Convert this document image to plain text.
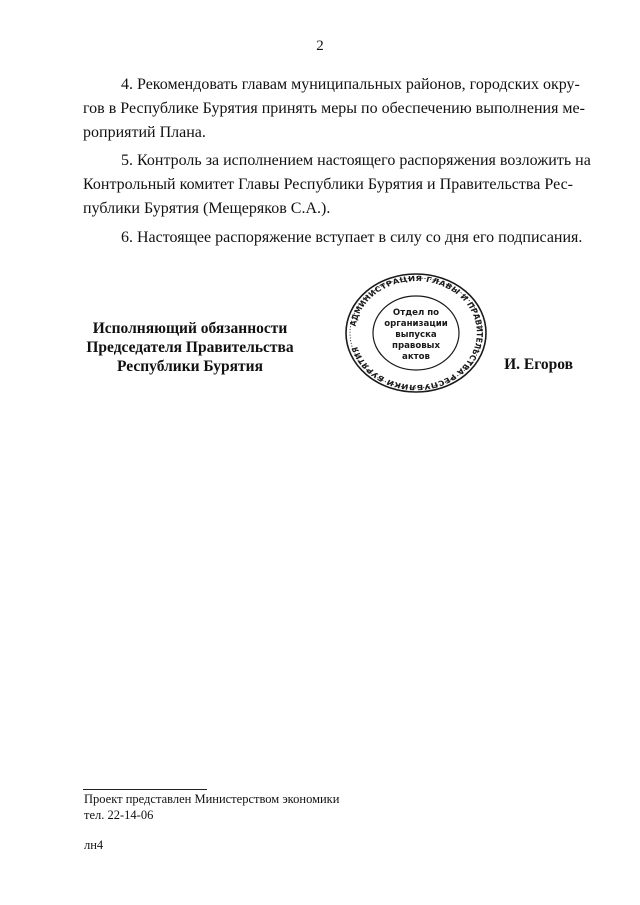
2
4. Рекомендовать главам муниципальных районов, городских окру-
гов в Республике Бурятия принять меры по обеспечению выполнения ме-
роприятий Плана.
5. Контроль за исполнением настоящего распоряжения возложить на
Контрольный комитет Главы Республики Бурятия и Правительства Рес-
публики Бурятия (Мещеряков С.А.).
6. Настоящее распоряжение вступает в силу со дня его подписания.
Исполняющий обязанности
Председателя Правительства
Республики Бурятия
АДМИНИСТРАЦИЯ ГЛАВЫ И ПРАВИТЕЛЬСТВА РЕСПУБЛИКИ БУРЯТИЯ
Отдел по
организации
выпуска
правовых
актов	И. Егоров
Проект представлен Министерством экономики
тел. 22-14-06
лн4
